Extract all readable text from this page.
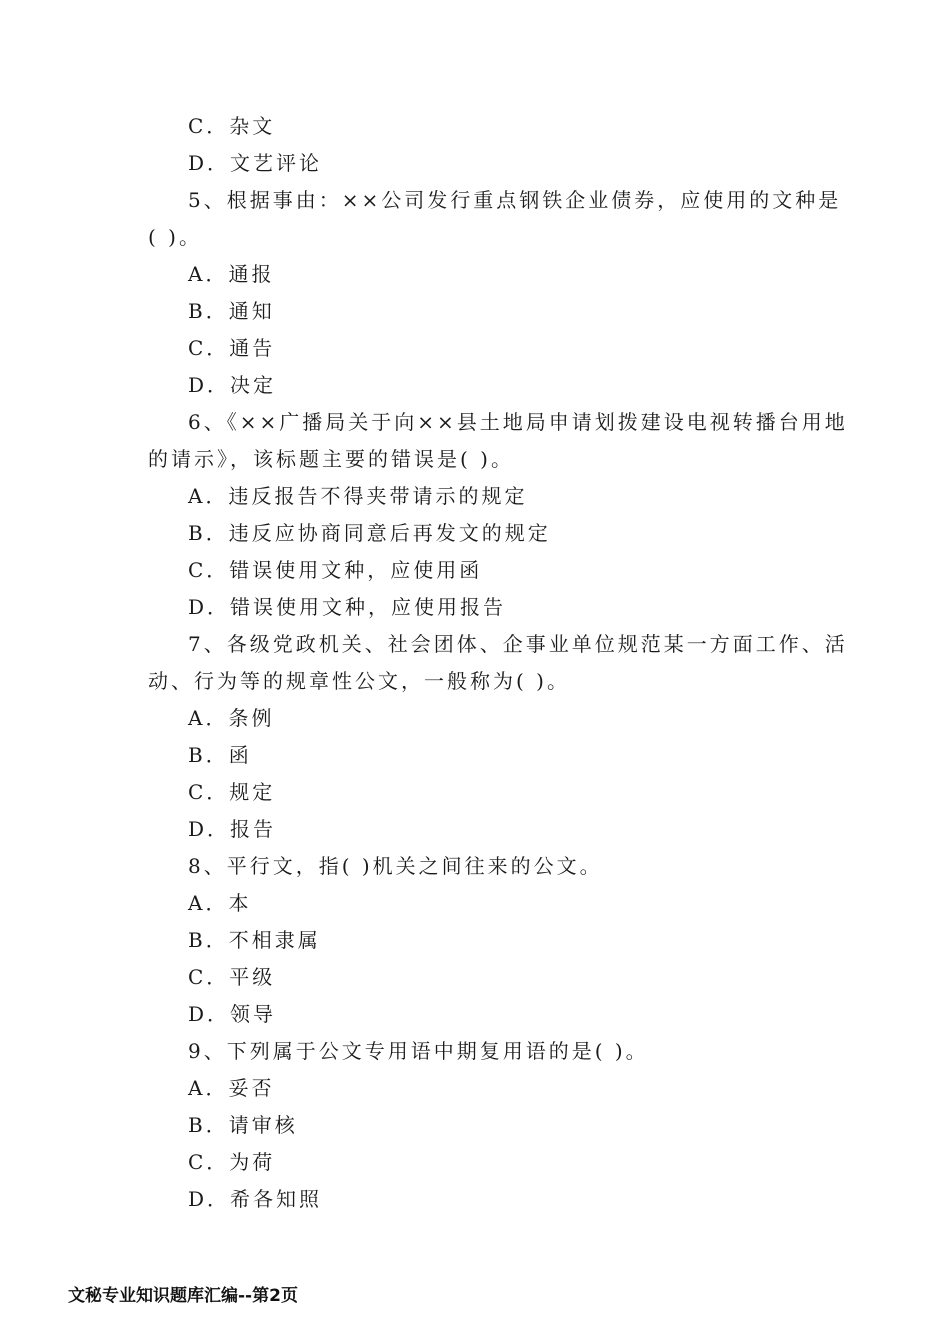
C．杂文
D．文艺评论
5、根据事由：××公司发行重点钢铁企业债券，应使用的文种是
( )。
A．通报
B．通知
C．通告
D．决定
6、《××广播局关于向××县土地局申请划拨建设电视转播台用地
的请示》，该标题主要的错误是( )。
A．违反报告不得夹带请示的规定
B．违反应协商同意后再发文的规定
C．错误使用文种，应使用函
D．错误使用文种，应使用报告
7、各级党政机关、社会团体、企事业单位规范某一方面工作、活
动、行为等的规章性公文，一般称为( )。
A．条例
B．函
C．规定
D．报告
8、平行文，指( )机关之间往来的公文。
A．本
B．不相隶属
C．平级
D．领导
9、下列属于公文专用语中期复用语的是( )。
A．妥否
B．请审核
C．为荷
D．希各知照
文秘专业知识题库汇编--第2页
